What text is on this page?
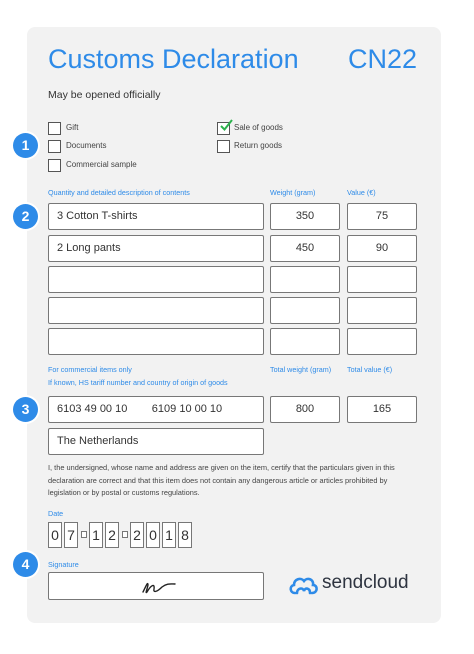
Customs Declaration CN22
May be opened officially
1
2
3
4
Gift
Documents
Commercial sample
Sale of goods
Return goods
Quantity and detailed description of contents	Weight (gram)	Value (€)
3 Cotton T-shirts	350	75
2 Long pants	450	90
For commercial items only
If known, HS tariff number and country of origin of goods
Total weight (gram) Total value (€)
6103 49 00 10        6109 10 00 10	800	165
The Netherlands
I, the undersigned, whose name and address are given on the item, certify that the particulars given in this declaration are correct and that this item does not contain any dangerous article or articles prohibited by legislation or by postal or customs regulations.
Date
0 7 1 2 2 0 1 8
Signature
sendcloud
